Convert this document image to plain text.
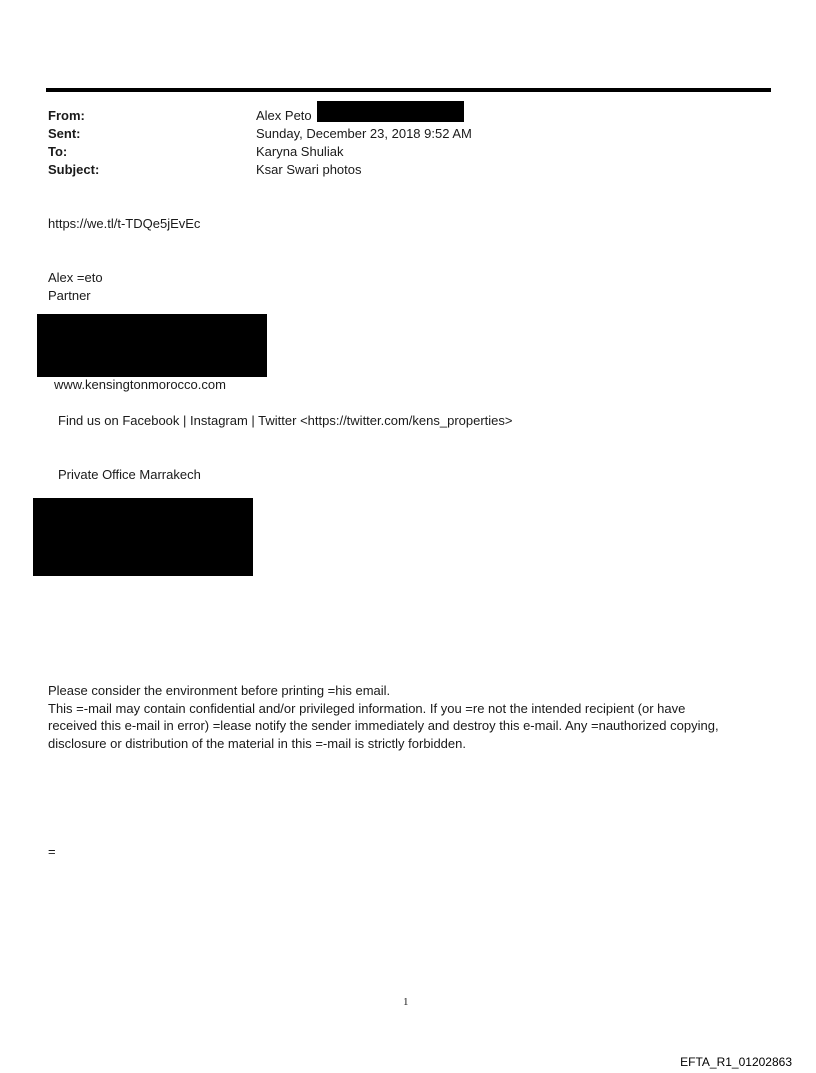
From:	Alex Peto
Sent:	Sunday, December 23, 2018 9:52 AM
To:	Karyna Shuliak
Subject:	Ksar Swari photos
https://we.tl/t-TDQe5jEvEc
Alex =eto
Partner
www.kensingtonmorocco.com
Find us on Facebook | Instagram | Twitter <https://twitter.com/kens_properties>
Private Office Marrakech

Please consider the environment before printing =his email.

This =-mail may contain confidential and/or privileged information. If you =re not the intended recipient (or have

received this e-mail in error) =lease notify the sender immediately and destroy this e-mail. Any =nauthorized copying,

disclosure or distribution of the material in this =-mail is strictly forbidden.

=
1
EFTA_R1_01202863
